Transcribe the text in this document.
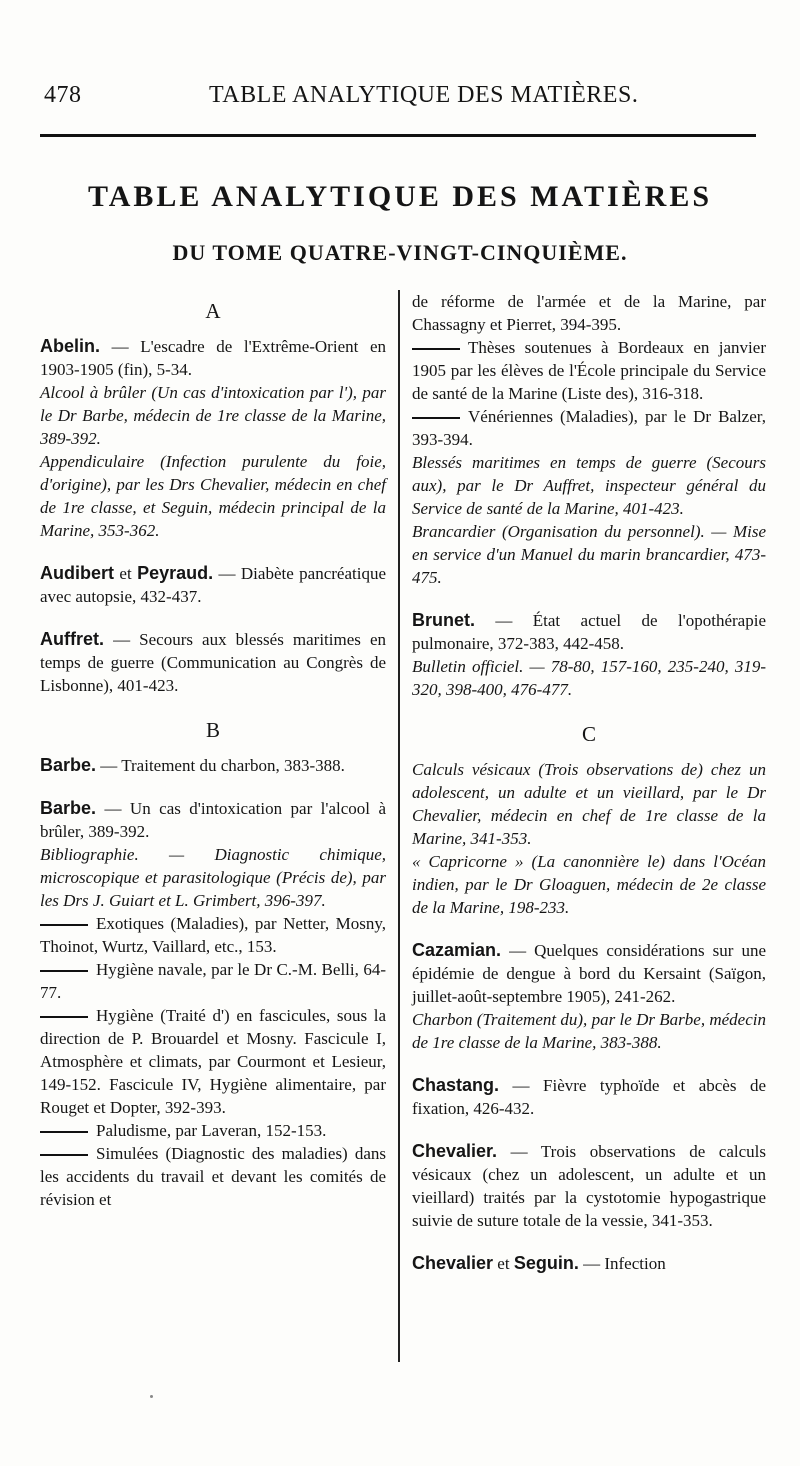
478	TABLE ANALYTIQUE DES MATIÈRES.
TABLE ANALYTIQUE DES MATIÈRES
DU TOME QUATRE-VINGT-CINQUIÈME.
A

Abelin. — L'escadre de l'Extrême-Orient en 1903-1905 (fin), 5-34.

Alcool à brûler (Un cas d'intoxication par l'), par le Dr Barbe, médecin de 1re classe de la Marine, 389-392.

Appendiculaire (Infection purulente du foie, d'origine), par les Drs Chevalier, médecin en chef de 1re classe, et Seguin, médecin principal de la Marine, 353-362.

Audibert et Peyraud. — Diabète pancréatique avec autopsie, 432-437.

Auffret. — Secours aux blessés maritimes en temps de guerre (Communication au Congrès de Lisbonne), 401-423.

B

Barbe. — Traitement du charbon, 383-388.

Barbe. — Un cas d'intoxication par l'alcool à brûler, 389-392.

Bibliographie. — Diagnostic chimique, microscopique et parasitologique (Précis de), par les Drs J. Guiart et L. Grimbert, 396-397.

Exotiques (Maladies), par Netter, Mosny, Thoinot, Wurtz, Vaillard, etc., 153.

Hygiène navale, par le Dr C.-M. Belli, 64-77.

Hygiène (Traité d') en fascicules, sous la direction de P. Brouardel et Mosny. Fascicule I, Atmosphère et climats, par Courmont et Lesieur, 149-152. Fascicule IV, Hygiène alimentaire, par Rouget et Dopter, 392-393.

Paludisme, par Laveran, 152-153.

Simulées (Diagnostic des maladies) dans les accidents du travail et devant les comités de révision et

de réforme de l'armée et de la Marine, par Chassagny et Pierret, 394-395.

Thèses soutenues à Bordeaux en janvier 1905 par les élèves de l'École principale du Service de santé de la Marine (Liste des), 316-318.

Vénériennes (Maladies), par le Dr Balzer, 393-394.

Blessés maritimes en temps de guerre (Secours aux), par le Dr Auffret, inspecteur général du Service de santé de la Marine, 401-423.

Brancardier (Organisation du personnel). — Mise en service d'un Manuel du marin brancardier, 473-475.

Brunet. — État actuel de l'opothérapie pulmonaire, 372-383, 442-458.

Bulletin officiel. — 78-80, 157-160, 235-240, 319-320, 398-400, 476-477.

C

Calculs vésicaux (Trois observations de) chez un adolescent, un adulte et un vieillard, par le Dr Chevalier, médecin en chef de 1re classe de la Marine, 341-353.

« Capricorne » (La canonnière le) dans l'Océan indien, par le Dr Gloaguen, médecin de 2e classe de la Marine, 198-233.

Cazamian. — Quelques considérations sur une épidémie de dengue à bord du Kersaint (Saïgon, juillet-août-septembre 1905), 241-262.

Charbon (Traitement du), par le Dr Barbe, médecin de 1re classe de la Marine, 383-388.

Chastang. — Fièvre typhoïde et abcès de fixation, 426-432.

Chevalier. — Trois observations de calculs vésicaux (chez un adolescent, un adulte et un vieillard) traités par la cystotomie hypogastrique suivie de suture totale de la vessie, 341-353.

Chevalier et Seguin. — Infection
